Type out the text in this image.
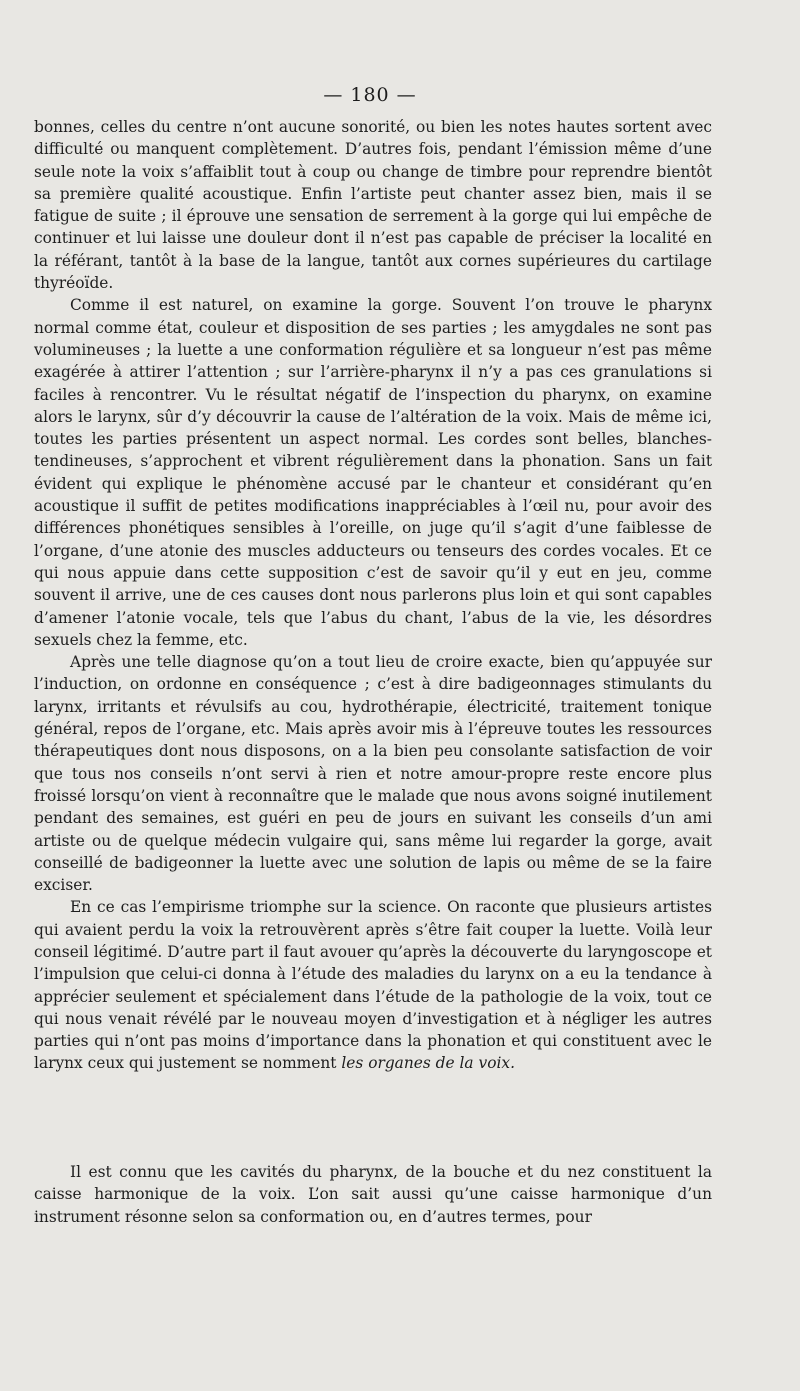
— 180 —

bonnes, celles du centre n’ont aucune sonorité, ou bien les notes hautes sortent avec difficulté ou manquent complètement. D’autres fois, pendant l’émission même d’une seule note la voix s’affaiblit tout à coup ou change de timbre pour reprendre bientôt sa première qualité acoustique. Enfin l’artiste peut chanter assez bien, mais il se fatigue de suite ; il éprouve une sensation de serrement à la gorge qui lui empêche de continuer et lui laisse une douleur dont il n’est pas capable de préciser la localité en la référant, tantôt à la base de la langue, tantôt aux cornes supérieures du cartilage thyréoïde.

Comme il est naturel, on examine la gorge. Souvent l’on trouve le pharynx normal comme état, couleur et disposition de ses parties ; les amygdales ne sont pas volumineuses ; la luette a une conformation régulière et sa longueur n’est pas même exagérée à attirer l’attention ; sur l’arrière-pharynx il n’y a pas ces granulations si faciles à rencontrer. Vu le résultat négatif de l’inspection du pharynx, on examine alors le larynx, sûr d’y découvrir la cause de l’altération de la voix. Mais de même ici, toutes les parties présentent un aspect normal. Les cordes sont belles, blanches-tendineuses, s’approchent et vibrent régulièrement dans la phonation. Sans un fait évident qui explique le phénomène accusé par le chanteur et considérant qu’en acoustique il suffit de petites modifications inappréciables à l’œil nu, pour avoir des différences phonétiques sensibles à l’oreille, on juge qu’il s’agit d’une faiblesse de l’organe, d’une atonie des muscles adducteurs ou tenseurs des cordes vocales. Et ce qui nous appuie dans cette supposition c’est de savoir qu’il y eut en jeu, comme souvent il arrive, une de ces causes dont nous parlerons plus loin et qui sont capables d’amener l’atonie vocale, tels que l’abus du chant, l’abus de la vie, les désordres sexuels chez la femme, etc.

Après une telle diagnose qu’on a tout lieu de croire exacte, bien qu’appuyée sur l’induction, on ordonne en conséquence ; c’est à dire badigeonnages stimulants du larynx, irritants et révulsifs au cou, hydrothérapie, électricité, traitement tonique général, repos de l’organe, etc. Mais après avoir mis à l’épreuve toutes les ressources thérapeutiques dont nous disposons, on a la bien peu consolante satisfaction de voir que tous nos conseils n’ont servi à rien et notre amour-propre reste encore plus froissé lorsqu’on vient à reconnaître que le malade que nous avons soigné inutilement pendant des semaines, est guéri en peu de jours en suivant les conseils d’un ami artiste ou de quelque médecin vulgaire qui, sans même lui regarder la gorge, avait conseillé de badigeonner la luette avec une solution de lapis ou même de se la faire exciser.

En ce cas l’empirisme triomphe sur la science. On raconte que plusieurs artistes qui avaient perdu la voix la retrouvèrent après s’être fait couper la luette. Voilà leur conseil légitimé. D’autre part il faut avouer qu’après la découverte du laryngoscope et l’impulsion que celui-ci donna à l’étude des maladies du larynx on a eu la tendance à apprécier seulement et spécialement dans l’étude de la pathologie de la voix, tout ce qui nous venait révélé par le nouveau moyen d’investigation et à négliger les autres parties qui n’ont pas moins d’importance dans la phonation et qui constituent avec le larynx ceux qui justement se nomment les organes de la voix.

Il est connu que les cavités du pharynx, de la bouche et du nez constituent la caisse harmonique de la voix. L’on sait aussi qu’une caisse harmonique d’un instrument résonne selon sa conformation ou, en d’autres termes, pour
